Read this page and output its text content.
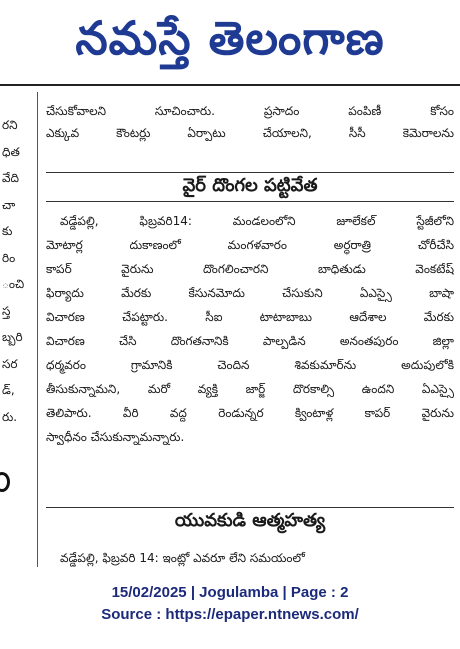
నమస్తే తెలంగాణ
రని
ధిత
వేది
చా
కు
రిం
ంచి
స్త
బ్బరి
సర
డ్,
రు.
చేసుకోవాలని సూచించారు. ప్రసాదం పంపిణీ కోసం
ఎక్కువ కౌంటర్లు ఏర్పాటు చేయాలని, సీసీ కెమెరాలను
వైర్ దొంగల పట్టివేత
వడ్డేపల్లి, ఫిబ్రవరి14: మండలంలోని జూలేకల్ స్టేజీలోని
మోటార్ల దుకాణంలో మంగళవారం అర్ధరాత్రి చోరీచేసి
కాపర్ వైరును దొంగలించారని బాధితుడు వెంకటేష్
ఫిర్యాదు మేరకు కేసునమోదు చేసుకుని ఏఎస్సై బాషా
విచారణ చేపట్టారు. సీఐ టాటాబాబు ఆదేశాల మేరకు
విచారణ చేసి దొంగతనానికి పాల్పడిన అనంతపురం జిల్లా
ధర్మవరం గ్రామానికి చెందిన శివకుమార్‌ను అదుపులోకి
తీసుకున్నామని, మరో వ్యక్తి జార్జ్ దొరకాల్సి ఉందని ఏఎస్సై
తెలిపారు. వీరి వద్ద రెండున్నర క్వింటాళ్ల కాపర్ వైరును
స్వాధీనం చేసుకున్నామన్నారు.
యువకుడి ఆత్మహత్య
వడ్డేపల్లి, ఫిబ్రవరి 14: ఇంట్లో ఎవరూ లేని సమయంలో
15/02/2025 | Jogulamba | Page : 2
Source : https://epaper.ntnews.com/
